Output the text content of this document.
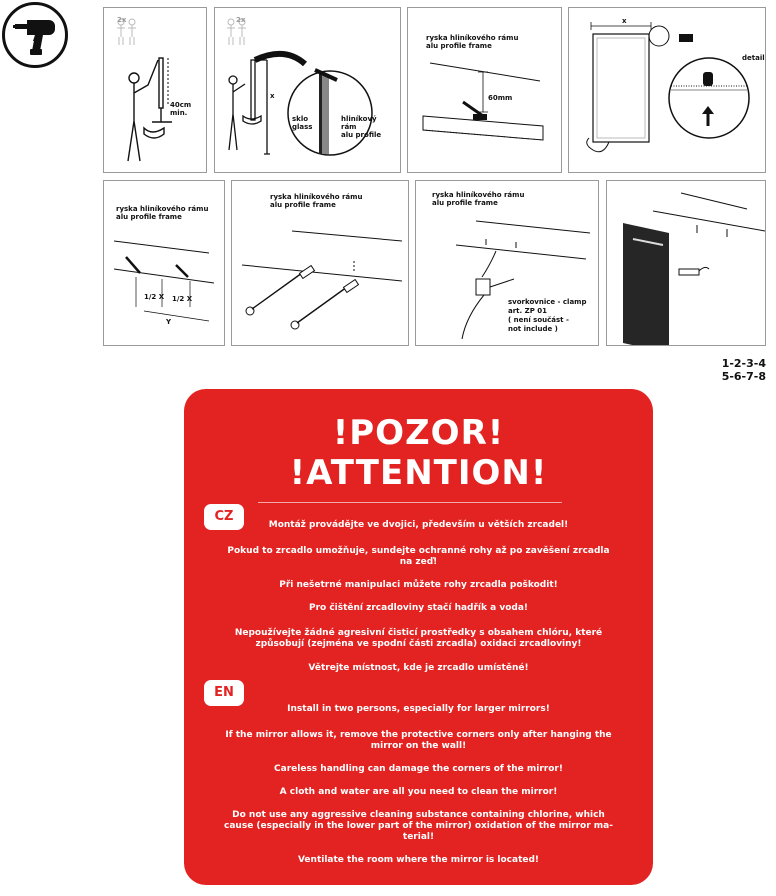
2x
40cm
min.
2x
x
sklo
glass
hliníkový
rám
alu profile
ryska hliníkového rámu
alu profile frame
60mm
x
detail
ryska hliníkového rámu
alu profile frame
1/2 X 1/2 X
Y
ryska hliníkového rámu
alu profile frame
ryska hliníkového rámu
alu profile frame
svorkovnice - clamp
art. ZP 01
( není součást -
not include )
1-2-3-4
5-6-7-8
!POZOR!
!ATTENTION!
CZ
Montáž provádějte ve dvojici, především u větších zrcadel!
Pokud to zrcadlo umožňuje, sundejte ochranné rohy až po zavěšení zrcadla
na zeď!
Při nešetrné manipulaci můžete rohy zrcadla poškodit!
Pro čištění zrcadloviny stačí hadřík a voda!
Nepoužívejte žádné agresivní čisticí prostředky s obsahem chlóru, které
způsobují (zejména ve spodní části zrcadla) oxidaci zrcadloviny!
Větrejte místnost, kde je zrcadlo umístěné!
EN
Install in two persons, especially for larger mirrors!
If the mirror allows it, remove the protective corners only after hanging the
mirror on the wall!
Careless handling can damage the corners of the mirror!
A cloth and water are all you need to clean the mirror!
Do not use any aggressive cleaning substance containing chlorine, which
cause (especially in the lower part of the mirror) oxidation of the mirror ma-
terial!
Ventilate the room where the mirror is located!
